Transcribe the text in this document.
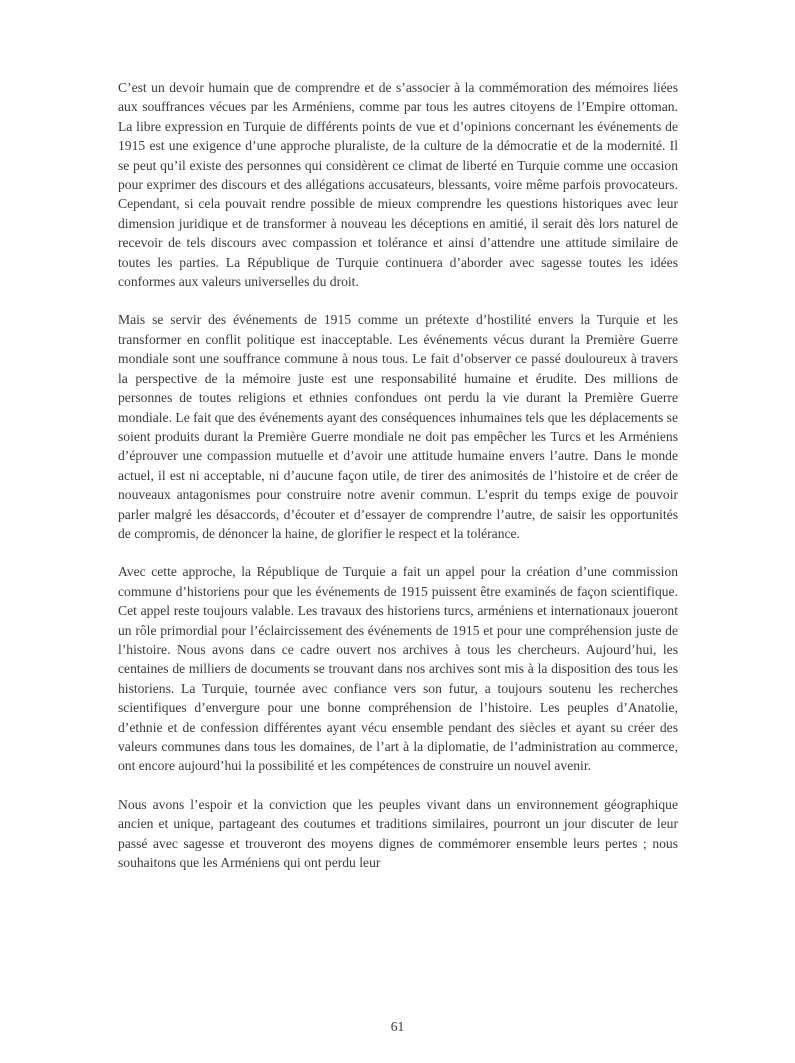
C’est un devoir humain que de comprendre et de s’associer à la commémoration des mémoires liées aux souffrances vécues par les Arméniens, comme par tous les autres citoyens de l’Empire ottoman. La libre expression en Turquie de différents points de vue et d’opinions concernant les événements de 1915 est une exigence d’une approche pluraliste, de la culture de la démocratie et de la modernité. Il se peut qu’il existe des personnes qui considèrent ce climat de liberté en Turquie comme une occasion pour exprimer des discours et des allégations accusateurs, blessants, voire même parfois provocateurs. Cependant, si cela pouvait rendre possible de mieux comprendre les questions historiques avec leur dimension juridique et de transformer à nouveau les déceptions en amitié, il serait dès lors naturel de recevoir de tels discours avec compassion et tolérance et ainsi d’attendre une attitude similaire de toutes les parties. La République de Turquie continuera d’aborder avec sagesse toutes les idées conformes aux valeurs universelles du droit.

Mais se servir des événements de 1915 comme un prétexte d’hostilité envers la Turquie et les transformer en conflit politique est inacceptable. Les événements vécus durant la Première Guerre mondiale sont une souffrance commune à nous tous. Le fait d’observer ce passé douloureux à travers la perspective de la mémoire juste est une responsabilité humaine et érudite. Des millions de personnes de toutes religions et ethnies confondues ont perdu la vie durant la Première Guerre mondiale. Le fait que des événements ayant des conséquences inhumaines tels que les déplacements se soient produits durant la Première Guerre mondiale ne doit pas empêcher les Turcs et les Arméniens d’éprouver une compassion mutuelle et d’avoir une attitude humaine envers l’autre. Dans le monde actuel, il est ni acceptable, ni d’aucune façon utile, de tirer des animosités de l’histoire et de créer de nouveaux antagonismes pour construire notre avenir commun. L’esprit du temps exige de pouvoir parler malgré les désaccords, d’écouter et d’essayer de comprendre l’autre, de saisir les opportunités de compromis, de dénoncer la haine, de glorifier le respect et la tolérance.

Avec cette approche, la République de Turquie a fait un appel pour la création d’une commission commune d’historiens pour que les événements de 1915 puissent être examinés de façon scientifique. Cet appel reste toujours valable. Les travaux des historiens turcs, arméniens et internationaux joueront un rôle primordial pour l’éclaircissement des événements de 1915 et pour une compréhension juste de l’histoire. Nous avons dans ce cadre ouvert nos archives à tous les chercheurs. Aujourd’hui, les centaines de milliers de documents se trouvant dans nos archives sont mis à la disposition des tous les historiens. La Turquie, tournée avec confiance vers son futur, a toujours soutenu les recherches scientifiques d’envergure pour une bonne compréhension de l’histoire. Les peuples d’Anatolie, d’ethnie et de confession différentes ayant vécu ensemble pendant des siècles et ayant su créer des valeurs communes dans tous les domaines, de l’art à la diplomatie, de l’administration au commerce, ont encore aujourd’hui la possibilité et les compétences de construire un nouvel avenir.

Nous avons l’espoir et la conviction que les peuples vivant dans un environnement géographique ancien et unique, partageant des coutumes et traditions similaires, pourront un jour discuter de leur passé avec sagesse et trouveront des moyens dignes de commémorer ensemble leurs pertes ; nous souhaitons que les Arméniens qui ont perdu leur

61
